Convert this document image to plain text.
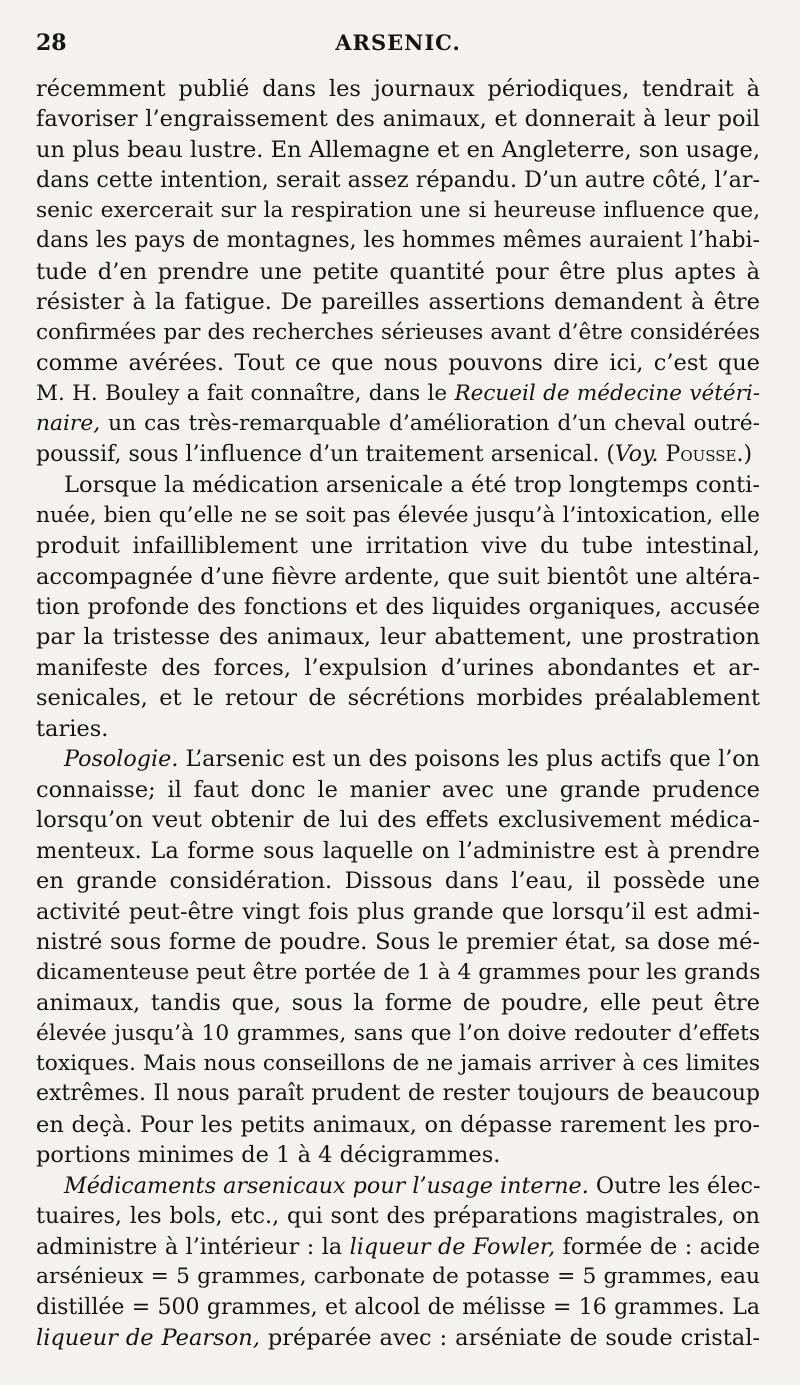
28	ARSENIC.
récemment publié dans les journaux périodiques, tendrait à
favoriser l’engraissement des animaux, et donnerait à leur poil
un plus beau lustre. En Allemagne et en Angleterre, son usage,
dans cette intention, serait assez répandu. D’un autre côté, l’ar-
senic exercerait sur la respiration une si heureuse influence que,
dans les pays de montagnes, les hommes mêmes auraient l’habi-
tude d’en prendre une petite quantité pour être plus aptes à
résister à la fatigue. De pareilles assertions demandent à être
confirmées par des recherches sérieuses avant d’être considérées
comme avérées. Tout ce que nous pouvons dire ici, c’est que
M. H. Bouley a fait connaître, dans le Recueil de médecine vétéri-
naire, un cas très-remarquable d’amélioration d’un cheval outré-
poussif, sous l’influence d’un traitement arsenical. (Voy. Pousse.)
Lorsque la médication arsenicale a été trop longtemps conti-
nuée, bien qu’elle ne se soit pas élevée jusqu’à l’intoxication, elle
produit infailliblement une irritation vive du tube intestinal,
accompagnée d’une fièvre ardente, que suit bientôt une altéra-
tion profonde des fonctions et des liquides organiques, accusée
par la tristesse des animaux, leur abattement, une prostration
manifeste des forces, l’expulsion d’urines abondantes et ar-
senicales, et le retour de sécrétions morbides préalablement
taries.
Posologie. L’arsenic est un des poisons les plus actifs que l’on
connaisse; il faut donc le manier avec une grande prudence
lorsqu’on veut obtenir de lui des effets exclusivement médica-
menteux. La forme sous laquelle on l’administre est à prendre
en grande considération. Dissous dans l’eau, il possède une
activité peut-être vingt fois plus grande que lorsqu’il est admi-
nistré sous forme de poudre. Sous le premier état, sa dose mé-
dicamenteuse peut être portée de 1 à 4 grammes pour les grands
animaux, tandis que, sous la forme de poudre, elle peut être
élevée jusqu’à 10 grammes, sans que l’on doive redouter d’effets
toxiques. Mais nous conseillons de ne jamais arriver à ces limites
extrêmes. Il nous paraît prudent de rester toujours de beaucoup
en deçà. Pour les petits animaux, on dépasse rarement les pro-
portions minimes de 1 à 4 décigrammes.
Médicaments arsenicaux pour l’usage interne. Outre les élec-
tuaires, les bols, etc., qui sont des préparations magistrales, on
administre à l’intérieur : la liqueur de Fowler, formée de : acide
arsénieux = 5 grammes, carbonate de potasse = 5 grammes, eau
distillée = 500 grammes, et alcool de mélisse = 16 grammes. La
liqueur de Pearson, préparée avec : arséniate de soude cristal-
